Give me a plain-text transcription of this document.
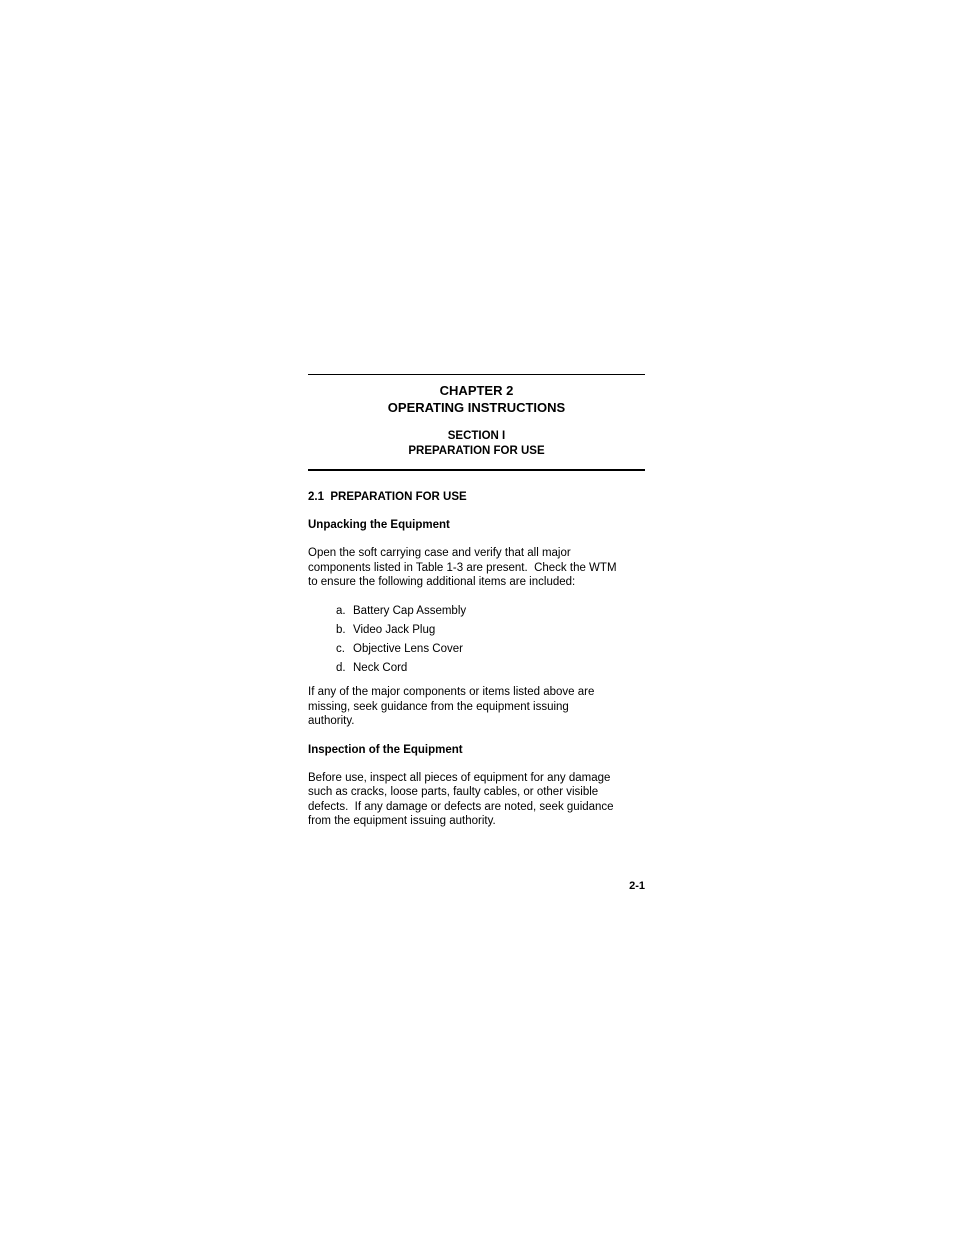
CHAPTER 2
OPERATING INSTRUCTIONS
SECTION I
PREPARATION FOR USE
2.1  PREPARATION FOR USE
Unpacking the Equipment
Open the soft carrying case and verify that all major
components listed in Table 1-3 are present.  Check the WTM
to ensure the following additional items are included:
a. Battery Cap Assembly
b. Video Jack Plug
c. Objective Lens Cover
d. Neck Cord
If any of the major components or items listed above are
missing, seek guidance from the equipment issuing
authority.
Inspection of the Equipment
Before use, inspect all pieces of equipment for any damage
such as cracks, loose parts, faulty cables, or other visible
defects.  If any damage or defects are noted, seek guidance
from the equipment issuing authority.
2-1
